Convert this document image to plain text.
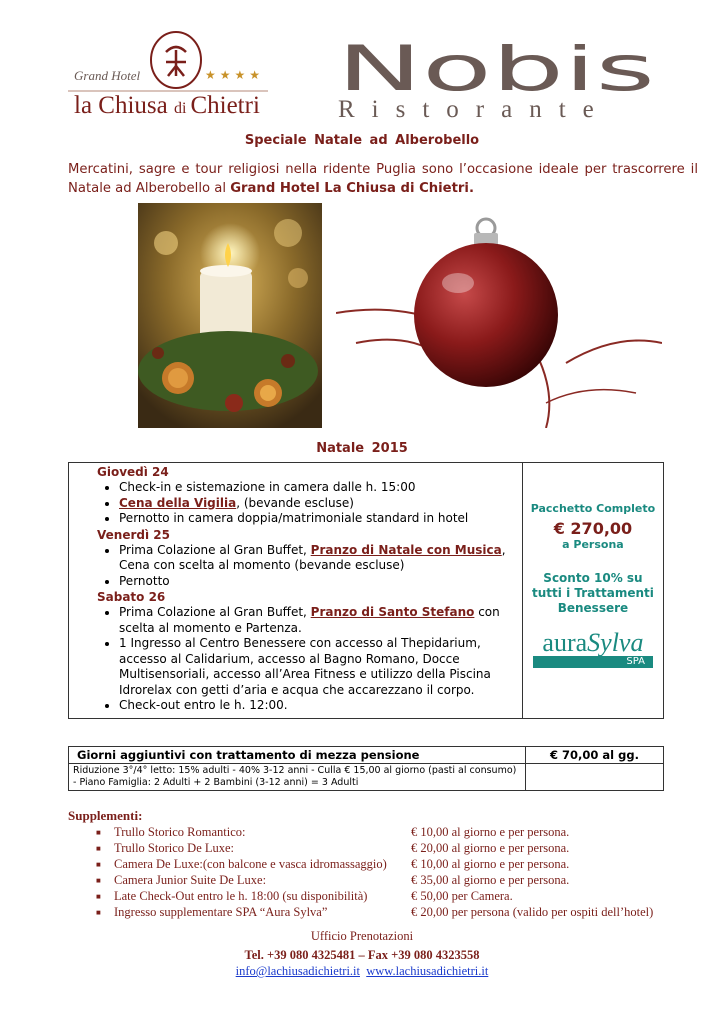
Grand Hotel	★★★★
la Chiusa di Chietri
Nobis
Ristorante
Speciale Natale ad Alberobello
Mercatini, sagre e tour religiosi nella ridente Puglia sono l’occasione ideale per trascorrere il Natale ad Alberobello al Grand Hotel La Chiusa di Chietri.
Natale 2015

Giovedì 24

• Check-in e sistemazione in camera dalle h. 15:00
• Cena della Vigilia, (bevande escluse)
• Pernotto in camera doppia/matrimoniale standard in hotel

Venerdì 25

• Prima Colazione al Gran Buffet, Pranzo di Natale con Musica, Cena con scelta al momento (bevande escluse)
• Pernotto

Sabato 26

• Prima Colazione al Gran Buffet, Pranzo di Santo Stefano con scelta al momento e Partenza.
• 1 Ingresso al Centro Benessere con accesso al Thepidarium, accesso al Calidarium, accesso al Bagno Romano, Docce Multisensoriali, accesso all’Area Fitness e utilizzo della Piscina Idrorelax con getti d’aria e acqua che accarezzano il corpo.
• Check-out entro le h. 12:00.

Pacchetto Completo
€ 270,00
a Persona
Sconto 10% su
tutti i Trattamenti
Benessere
auraSylva
SPA
Giorni aggiuntivi con trattamento di mezza pensione	€ 70,00 al gg.
Riduzione 3°/4° letto: 15% adulti - 40% 3-12 anni - Culla € 15,00 al giorno (pasti al consumo) - Piano Famiglia: 2 Adulti + 2 Bambini (3-12 anni) = 3 Adulti	
Supplementi:
■ Trullo Storico Romantico:	€ 10,00 al giorno e per persona.
■ Trullo Storico De Luxe:	€ 20,00 al giorno e per persona.
■ Camera De Luxe:(con balcone e vasca idromassaggio) € 10,00 al giorno e per persona.
■ Camera Junior Suite De Luxe:	€ 35,00 al giorno e per persona.
■ Late Check-Out entro le h. 18:00 (su disponibilità)	€ 50,00 per Camera.
■ Ingresso supplementare SPA “Aura Sylva”	€ 20,00 per persona (valido per ospiti dell’hotel)
Ufficio Prenotazioni
Tel. +39 080 4325481 – Fax +39 080 4323558
info@lachiusadichietri.it www.lachiusadichietri.it
